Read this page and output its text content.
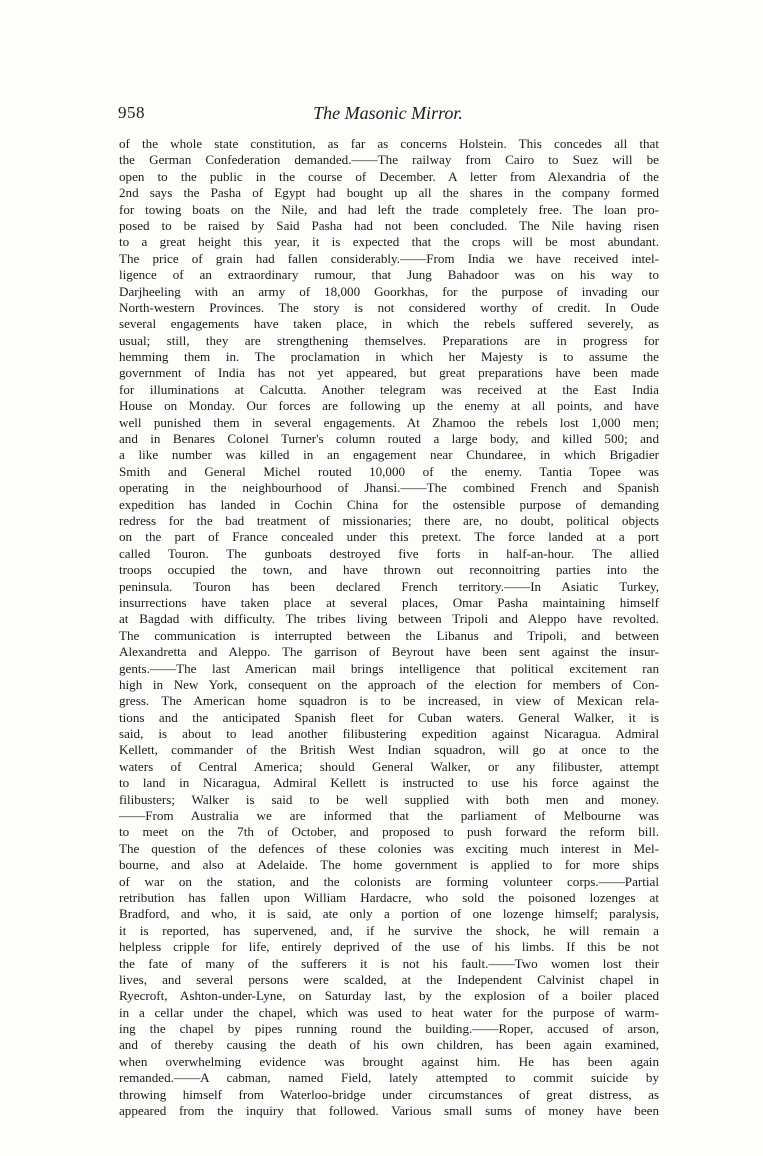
958	The Masonic Mirror.
of the whole state constitution, as far as concerns Holstein. This concedes all that
the German Confederation demanded.——The railway from Cairo to Suez will be
open to the public in the course of December. A letter from Alexandria of the
2nd says the Pasha of Egypt had bought up all the shares in the company formed
for towing boats on the Nile, and had left the trade completely free. The loan pro-
posed to be raised by Said Pasha had not been concluded. The Nile having risen
to a great height this year, it is expected that the crops will be most abundant.
The price of grain had fallen considerably.——From India we have received intel-
ligence of an extraordinary rumour, that Jung Bahadoor was on his way to
Darjheeling with an army of 18,000 Goorkhas, for the purpose of invading our
North-western Provinces. The story is not considered worthy of credit. In Oude
several engagements have taken place, in which the rebels suffered severely, as
usual; still, they are strengthening themselves. Preparations are in progress for
hemming them in. The proclamation in which her Majesty is to assume the
government of India has not yet appeared, but great preparations have been made
for illuminations at Calcutta. Another telegram was received at the East India
House on Monday. Our forces are following up the enemy at all points, and have
well punished them in several engagements. At Zhamoo the rebels lost 1,000 men;
and in Benares Colonel Turner's column routed a large body, and killed 500; and
a like number was killed in an engagement near Chundaree, in which Brigadier
Smith and General Michel routed 10,000 of the enemy. Tantia Topee was
operating in the neighbourhood of Jhansi.——The combined French and Spanish
expedition has landed in Cochin China for the ostensible purpose of demanding
redress for the bad treatment of missionaries; there are, no doubt, political objects
on the part of France concealed under this pretext. The force landed at a port
called Touron. The gunboats destroyed five forts in half-an-hour. The allied
troops occupied the town, and have thrown out reconnoitring parties into the
peninsula. Touron has been declared French territory.——In Asiatic Turkey,
insurrections have taken place at several places, Omar Pasha maintaining himself
at Bagdad with difficulty. The tribes living between Tripoli and Aleppo have revolted.
The communication is interrupted between the Libanus and Tripoli, and between
Alexandretta and Aleppo. The garrison of Beyrout have been sent against the insur-
gents.——The last American mail brings intelligence that political excitement ran
high in New York, consequent on the approach of the election for members of Con-
gress. The American home squadron is to be increased, in view of Mexican rela-
tions and the anticipated Spanish fleet for Cuban waters. General Walker, it is
said, is about to lead another filibustering expedition against Nicaragua. Admiral
Kellett, commander of the British West Indian squadron, will go at once to the
waters of Central America; should General Walker, or any filibuster, attempt
to land in Nicaragua, Admiral Kellett is instructed to use his force against the
filibusters; Walker is said to be well supplied with both men and money.
——From Australia we are informed that the parliament of Melbourne was
to meet on the 7th of October, and proposed to push forward the reform bill.
The question of the defences of these colonies was exciting much interest in Mel-
bourne, and also at Adelaide. The home government is applied to for more ships
of war on the station, and the colonists are forming volunteer corps.——Partial
retribution has fallen upon William Hardacre, who sold the poisoned lozenges at
Bradford, and who, it is said, ate only a portion of one lozenge himself; paralysis,
it is reported, has supervened, and, if he survive the shock, he will remain a
helpless cripple for life, entirely deprived of the use of his limbs. If this be not
the fate of many of the sufferers it is not his fault.——Two women lost their
lives, and several persons were scalded, at the Independent Calvinist chapel in
Ryecroft, Ashton-under-Lyne, on Saturday last, by the explosion of a boiler placed
in a cellar under the chapel, which was used to heat water for the purpose of warm-
ing the chapel by pipes running round the building.——Roper, accused of arson,
and of thereby causing the death of his own children, has been again examined,
when overwhelming evidence was brought against him. He has been again
remanded.——A cabman, named Field, lately attempted to commit suicide by
throwing himself from Waterloo-bridge under circumstances of great distress, as
appeared from the inquiry that followed. Various small sums of money have been
